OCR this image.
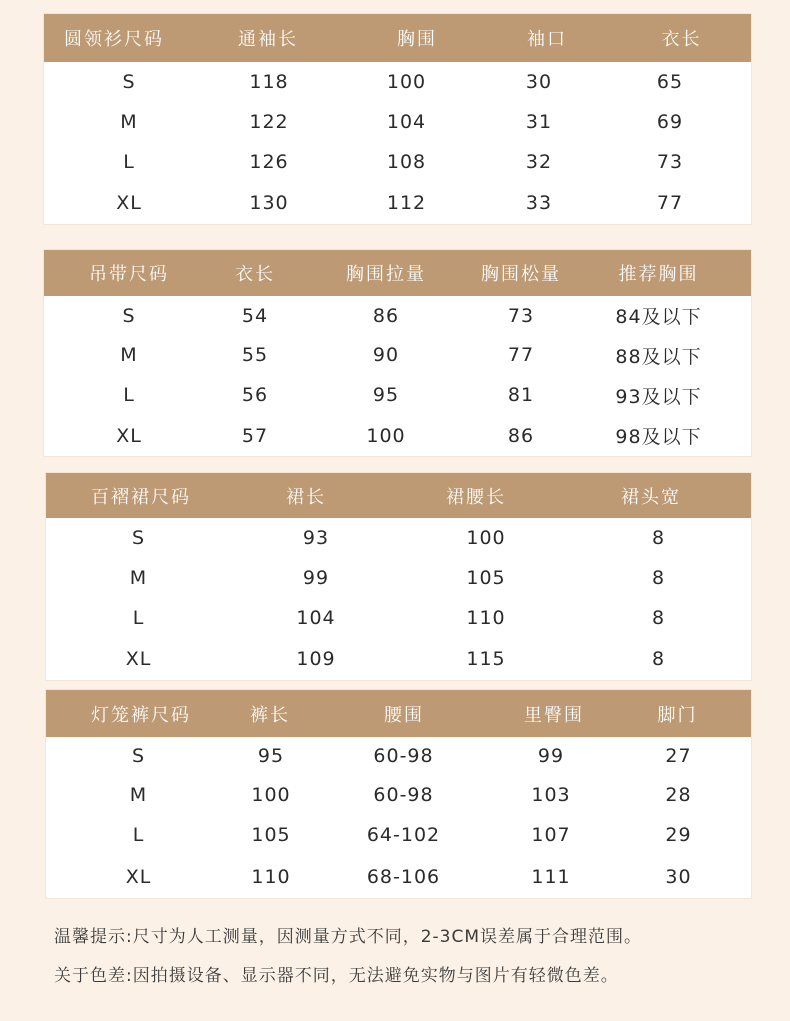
圆领衫尺码	通袖长	胸围	袖口	衣长
S	118	100	30	65
M	122	104	31	69
L	126	108	32	73
XL	130	112	33	77
吊带尺码	衣长	胸围拉量	胸围松量	推荐胸围
S	54	86	73	84及以下
M	55	90	77	88及以下
L	56	95	81	93及以下
XL	57	100	86	98及以下
百褶裙尺码	裙长	裙腰长	裙头宽
S	93	100	8
M	99	105	8
L	104	110	8
XL	109	115	8
灯笼裤尺码	裤长	腰围	里臀围	脚门
S	95	60-98	99	27
M	100	60-98	103	28
L	105	64-102	107	29
XL	110	68-106	111	30
温馨提示:尺寸为人工测量，因测量方式不同，2-3CM误差属于合理范围。
关于色差:因拍摄设备、显示器不同，无法避免实物与图片有轻微色差。
